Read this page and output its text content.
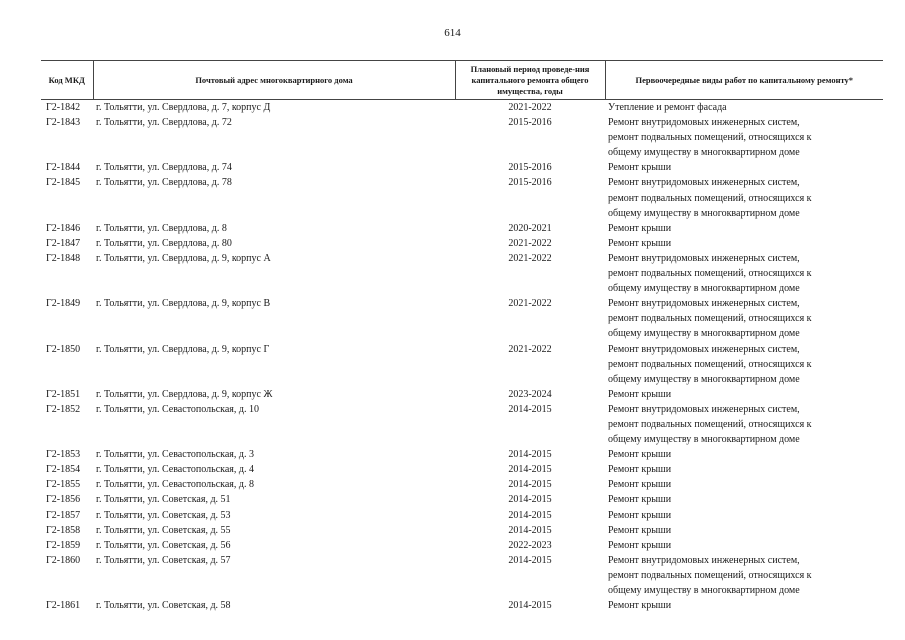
614
Код МКД	Почтовый адрес многоквартирного дома	Плановый период проведе-ния капитального ремонта общего имущества, годы	Первоочередные виды работ по капитальному ремонту*
Г2-1842	г. Тольятти, ул. Свердлова, д. 7, корпус Д	2021-2022	Утепление и ремонт фасада

Г2-1843	г. Тольятти, ул. Свердлова, д. 72	2015-2016	Ремонт внутридомовых инженерных систем,
ремонт подвальных помещений, относящихся к
общему имуществу в многоквартирном доме

Г2-1844	г. Тольятти, ул. Свердлова, д. 74	2015-2016	Ремонт крыши

Г2-1845	г. Тольятти, ул. Свердлова, д. 78	2015-2016	Ремонт внутридомовых инженерных систем,
ремонт подвальных помещений, относящихся к
общему имуществу в многоквартирном доме

Г2-1846	г. Тольятти, ул. Свердлова, д. 8	2020-2021	Ремонт крыши

Г2-1847	г. Тольятти, ул. Свердлова, д. 80	2021-2022	Ремонт крыши

Г2-1848	г. Тольятти, ул. Свердлова, д. 9, корпус А	2021-2022	Ремонт внутридомовых инженерных систем,
ремонт подвальных помещений, относящихся к
общему имуществу в многоквартирном доме

Г2-1849	г. Тольятти, ул. Свердлова, д. 9, корпус В	2021-2022	Ремонт внутридомовых инженерных систем,
ремонт подвальных помещений, относящихся к
общему имуществу в многоквартирном доме

Г2-1850	г. Тольятти, ул. Свердлова, д. 9, корпус Г	2021-2022	Ремонт внутридомовых инженерных систем,
ремонт подвальных помещений, относящихся к
общему имуществу в многоквартирном доме

Г2-1851	г. Тольятти, ул. Свердлова, д. 9, корпус Ж	2023-2024	Ремонт крыши

Г2-1852	г. Тольятти, ул. Севастопольская, д. 10	2014-2015	Ремонт внутридомовых инженерных систем,
ремонт подвальных помещений, относящихся к
общему имуществу в многоквартирном доме

Г2-1853	г. Тольятти, ул. Севастопольская, д. 3	2014-2015	Ремонт крыши

Г2-1854	г. Тольятти, ул. Севастопольская, д. 4	2014-2015	Ремонт крыши

Г2-1855	г. Тольятти, ул. Севастопольская, д. 8	2014-2015	Ремонт крыши

Г2-1856	г. Тольятти, ул. Советская, д. 51	2014-2015	Ремонт крыши

Г2-1857	г. Тольятти, ул. Советская, д. 53	2014-2015	Ремонт крыши

Г2-1858	г. Тольятти, ул. Советская, д. 55	2014-2015	Ремонт крыши

Г2-1859	г. Тольятти, ул. Советская, д. 56	2022-2023	Ремонт крыши

Г2-1860	г. Тольятти, ул. Советская, д. 57	2014-2015	Ремонт внутридомовых инженерных систем,
ремонт подвальных помещений, относящихся к
общему имуществу в многоквартирном доме

Г2-1861	г. Тольятти, ул. Советская, д. 58	2014-2015	Ремонт крыши
